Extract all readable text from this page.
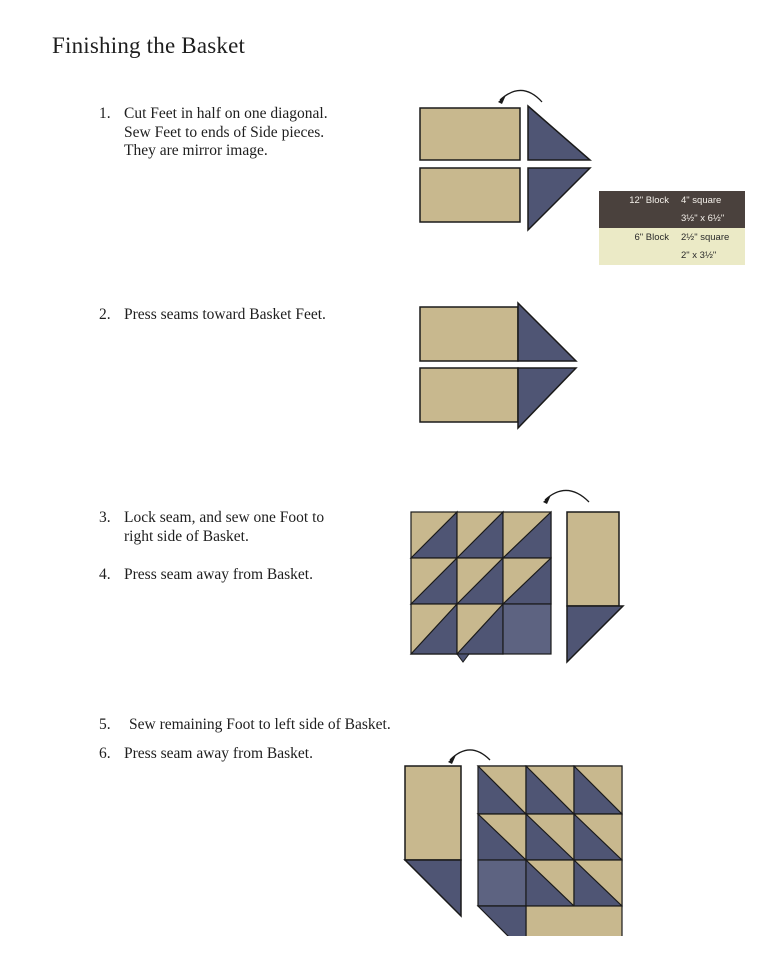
Finishing the Basket
1. Cut Feet in half on one diagonal.
Sew Feet to ends of Side pieces.
They are mirror image.
2. Press seams toward Basket Feet.
3. Lock seam, and sew one Foot to
right side of Basket.
4. Press seam away from Basket.
5. Sew remaining Foot to left side of Basket.
6. Press seam away from Basket.
12" Block	4" square
	3½" x 6½"
6" Block	2½" square
	2" x 3½"
